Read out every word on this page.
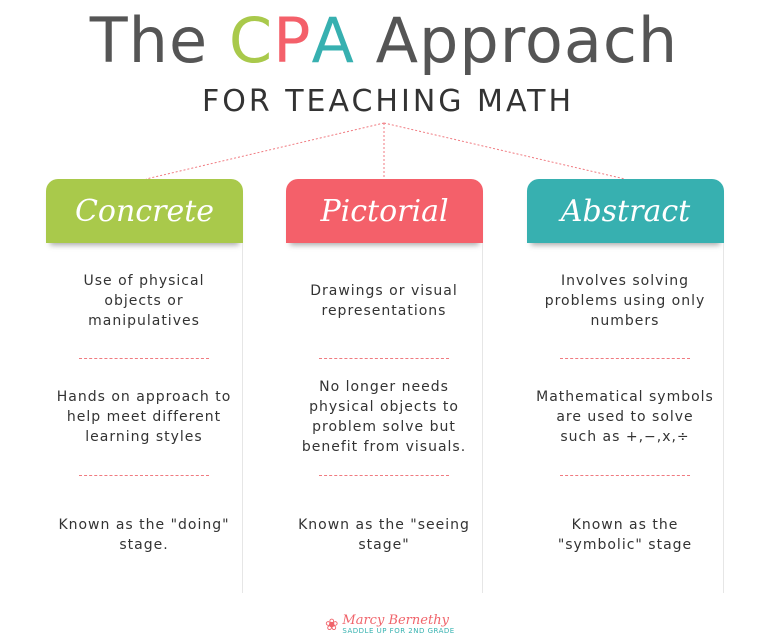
The CPA Approach
FOR TEACHING MATH
Concrete
Use of physical
objects or
manipulatives
Hands on approach to
help meet different
learning styles
Known as the "doing"
stage.
Pictorial
Drawings or visual
representations
No longer needs
physical objects to
problem solve but
benefit from visuals.
Known as the "seeing
stage"
Abstract
Involves solving
problems using only
numbers
Mathematical symbols
are used to solve
such as +,−,x,÷
Known as the
"symbolic" stage
❀ Marcy Bernethy
SADDLE UP FOR 2ND GRADE
